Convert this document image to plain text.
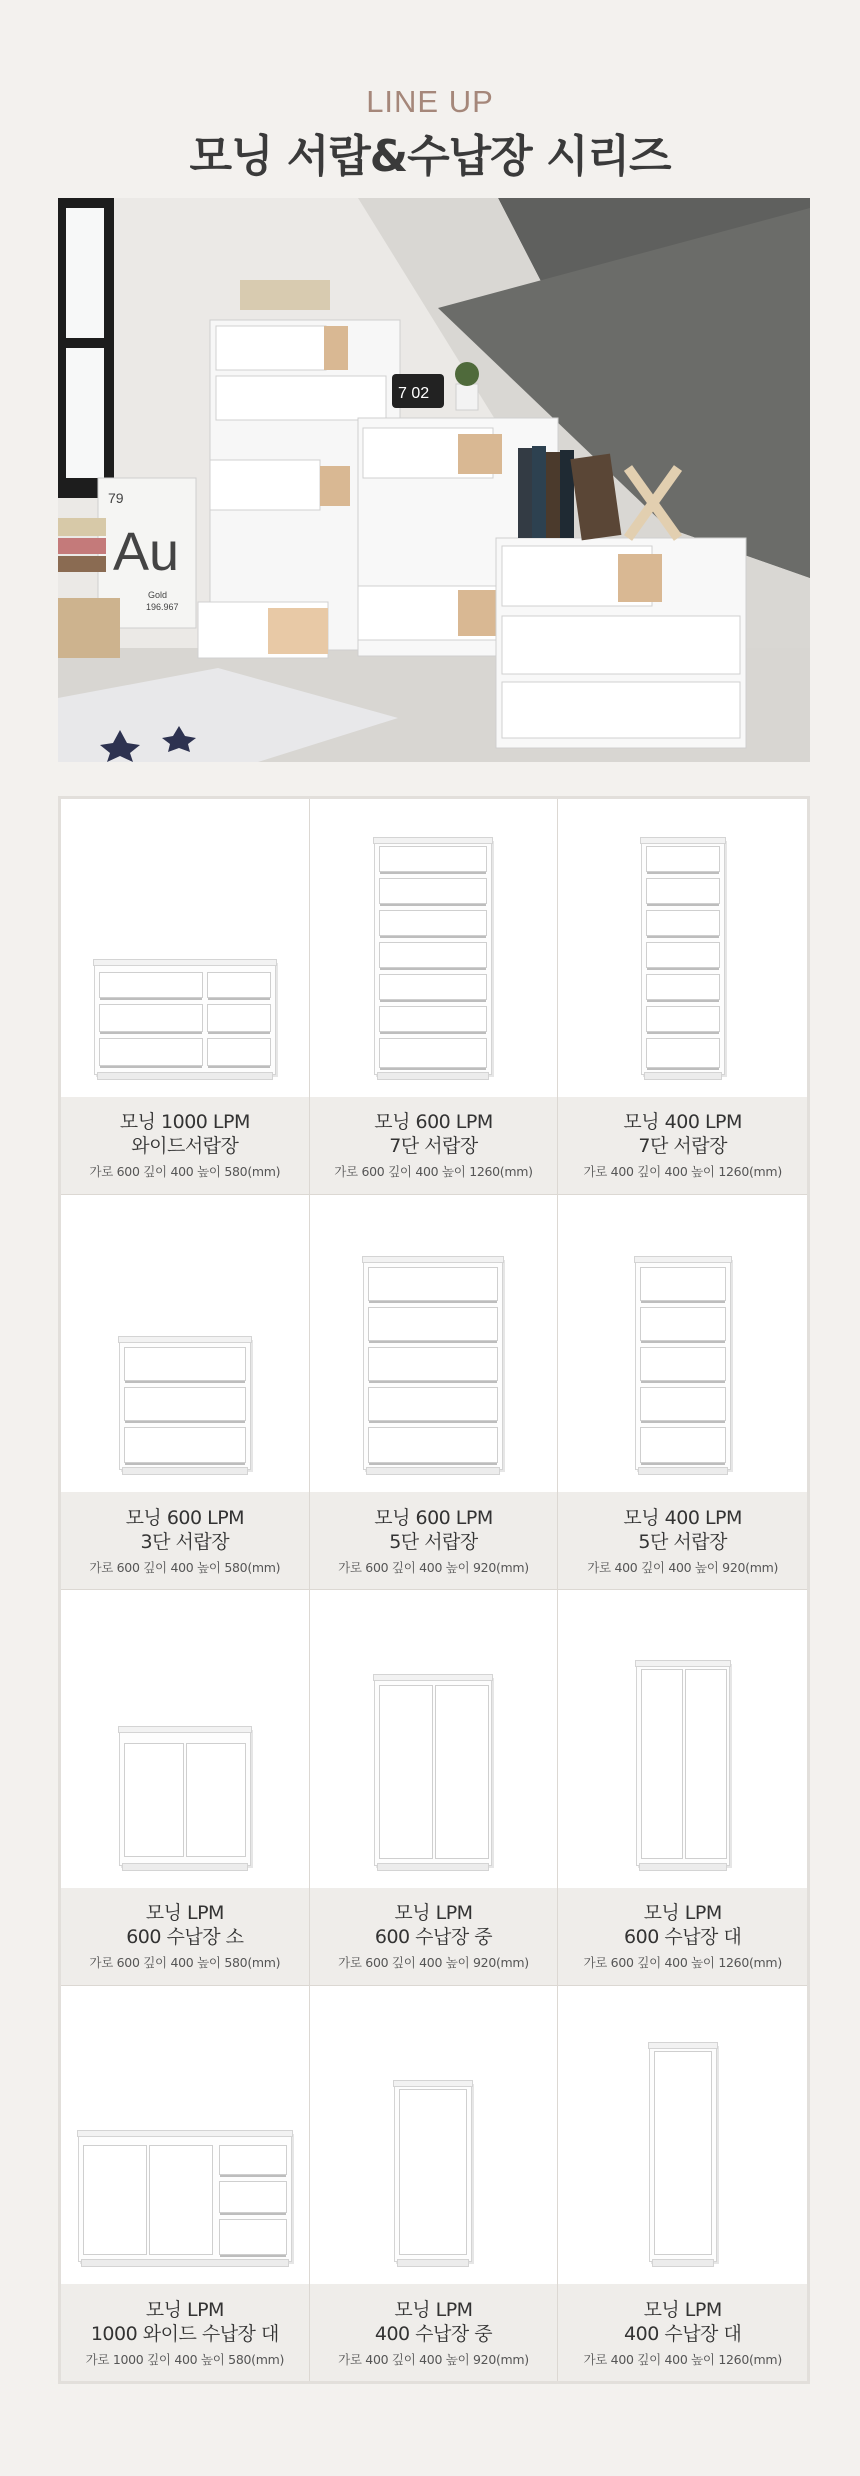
LINE UP
모닝 서랍&수납장 시리즈
79
Au
Gold
196.967
7 02
모닝 1000 LPM
와이드서랍장
가로 600 깊이 400 높이 580(mm)
모닝 600 LPM
7단 서랍장
가로 600 깊이 400 높이 1260(mm)
모닝 400 LPM
7단 서랍장
가로 400 깊이 400 높이 1260(mm)
모닝 600 LPM
3단 서랍장
가로 600 깊이 400 높이 580(mm)
모닝 600 LPM
5단 서랍장
가로 600 깊이 400 높이 920(mm)
모닝 400 LPM
5단 서랍장
가로 400 깊이 400 높이 920(mm)
모닝 LPM
600 수납장 소
가로 600 깊이 400 높이 580(mm)
모닝 LPM
600 수납장 중
가로 600 깊이 400 높이 920(mm)
모닝 LPM
600 수납장 대
가로 600 깊이 400 높이 1260(mm)
모닝 LPM
1000 와이드 수납장 대
가로 1000 깊이 400 높이 580(mm)
모닝 LPM
400 수납장 중
가로 400 깊이 400 높이 920(mm)
모닝 LPM
400 수납장 대
가로 400 깊이 400 높이 1260(mm)
